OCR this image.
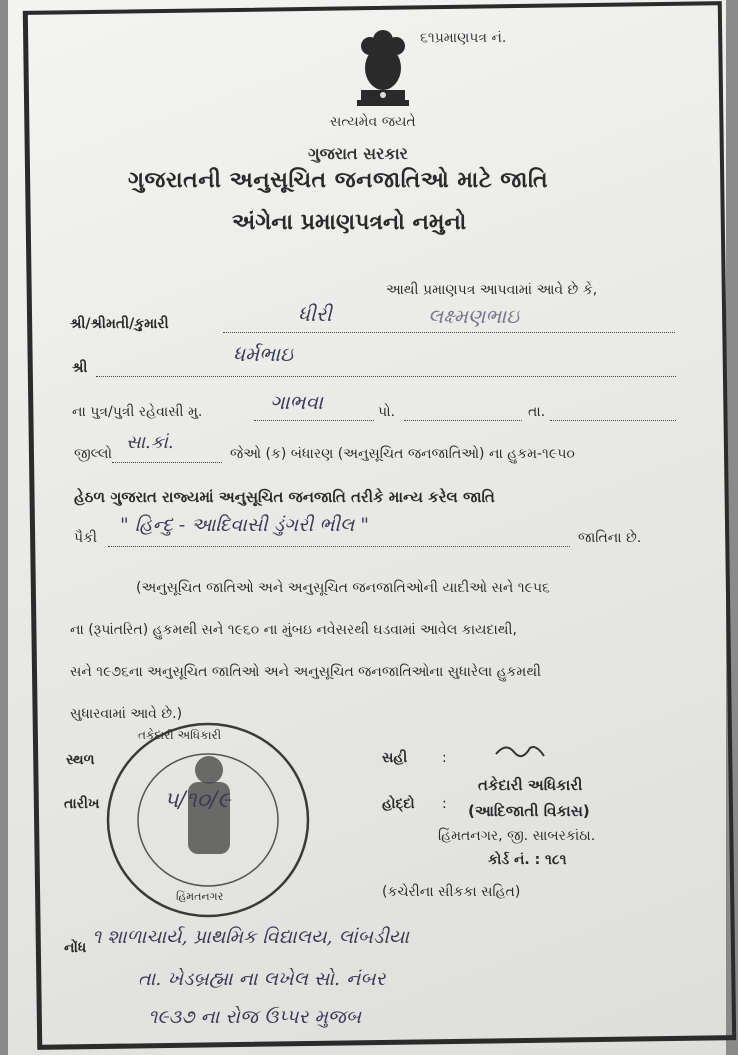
૬૧પ્રમાણપત્ર નં.
સત્યમેવ જયતે
ગુજરાત સરકાર
ગુજરાતની અનુસૂચિત જનજાતિઓ માટે જાતિ
અંગેના પ્રમાણપત્રનો નમુનો
આથી પ્રમાણપત્ર આપવામાં આવે છે કે,
શ્રી/શ્રીમતી/કુમારી	ધીરી	લક્ષ્મણભાઇ
શ્રી
ધર્મભાઇ
ના પુત્ર/પુત્રી રહેવાસી મુ.	ગાભવા	પો.	તા.
જીલ્લો
સા.કાં.
જેઓ (ક) બંધારણ (અનુસૂચિત જનજાતિઓ) ના હુકમ-૧૯૫૦
હેઠળ ગુજરાત રાજ્યમાં અનુસૂચિત જનજાતિ તરીકે માન્ય કરેલ જાતિ
પૈકી
" હિન્દુ - આદિવાસી ડુંગરી ભીલ "
જાતિના છે.
(અનુસૂચિત જાતિઓ અને અનુસૂચિત જનજાતિઓની યાદીઓ સને ૧૯૫૬
ના (રૂપાંતરિત) હુકમથી સને ૧૯૬૦ ના મુંબઇ નવેસરથી ઘડવામાં આવેલ કાયદાથી,
સને ૧૯૭૬ના અનુસૂચિત જાતિઓ અને અનુસૂચિત જનજાતિઓના સુધારેલા હુકમથી
સુધારવામાં આવે છે.)
તકેદારી અધિકારી
હિંમતનગર
સ્થળ
તારીખ	૫/૧૦/૯
સહી :
હોદ્દો :
તકેદારી અધિકારી
(આદિજાતી વિકાસ)
હિંમતનગર, જી. સાબરકાંઠા.
કોર્ડ નં. : ૧૮૧
(કચેરીના સીકકા સહિત)
નોંધ ૧ શાળાચાર્ય, પ્રાથમિક વિદ્યાલય, લાંબડીયા
તા. ખેડબ્રહ્મા ના લખેલ સો. નંબર
૧૯૩૭ ના રોજ ઉપ્પર મુજબ
